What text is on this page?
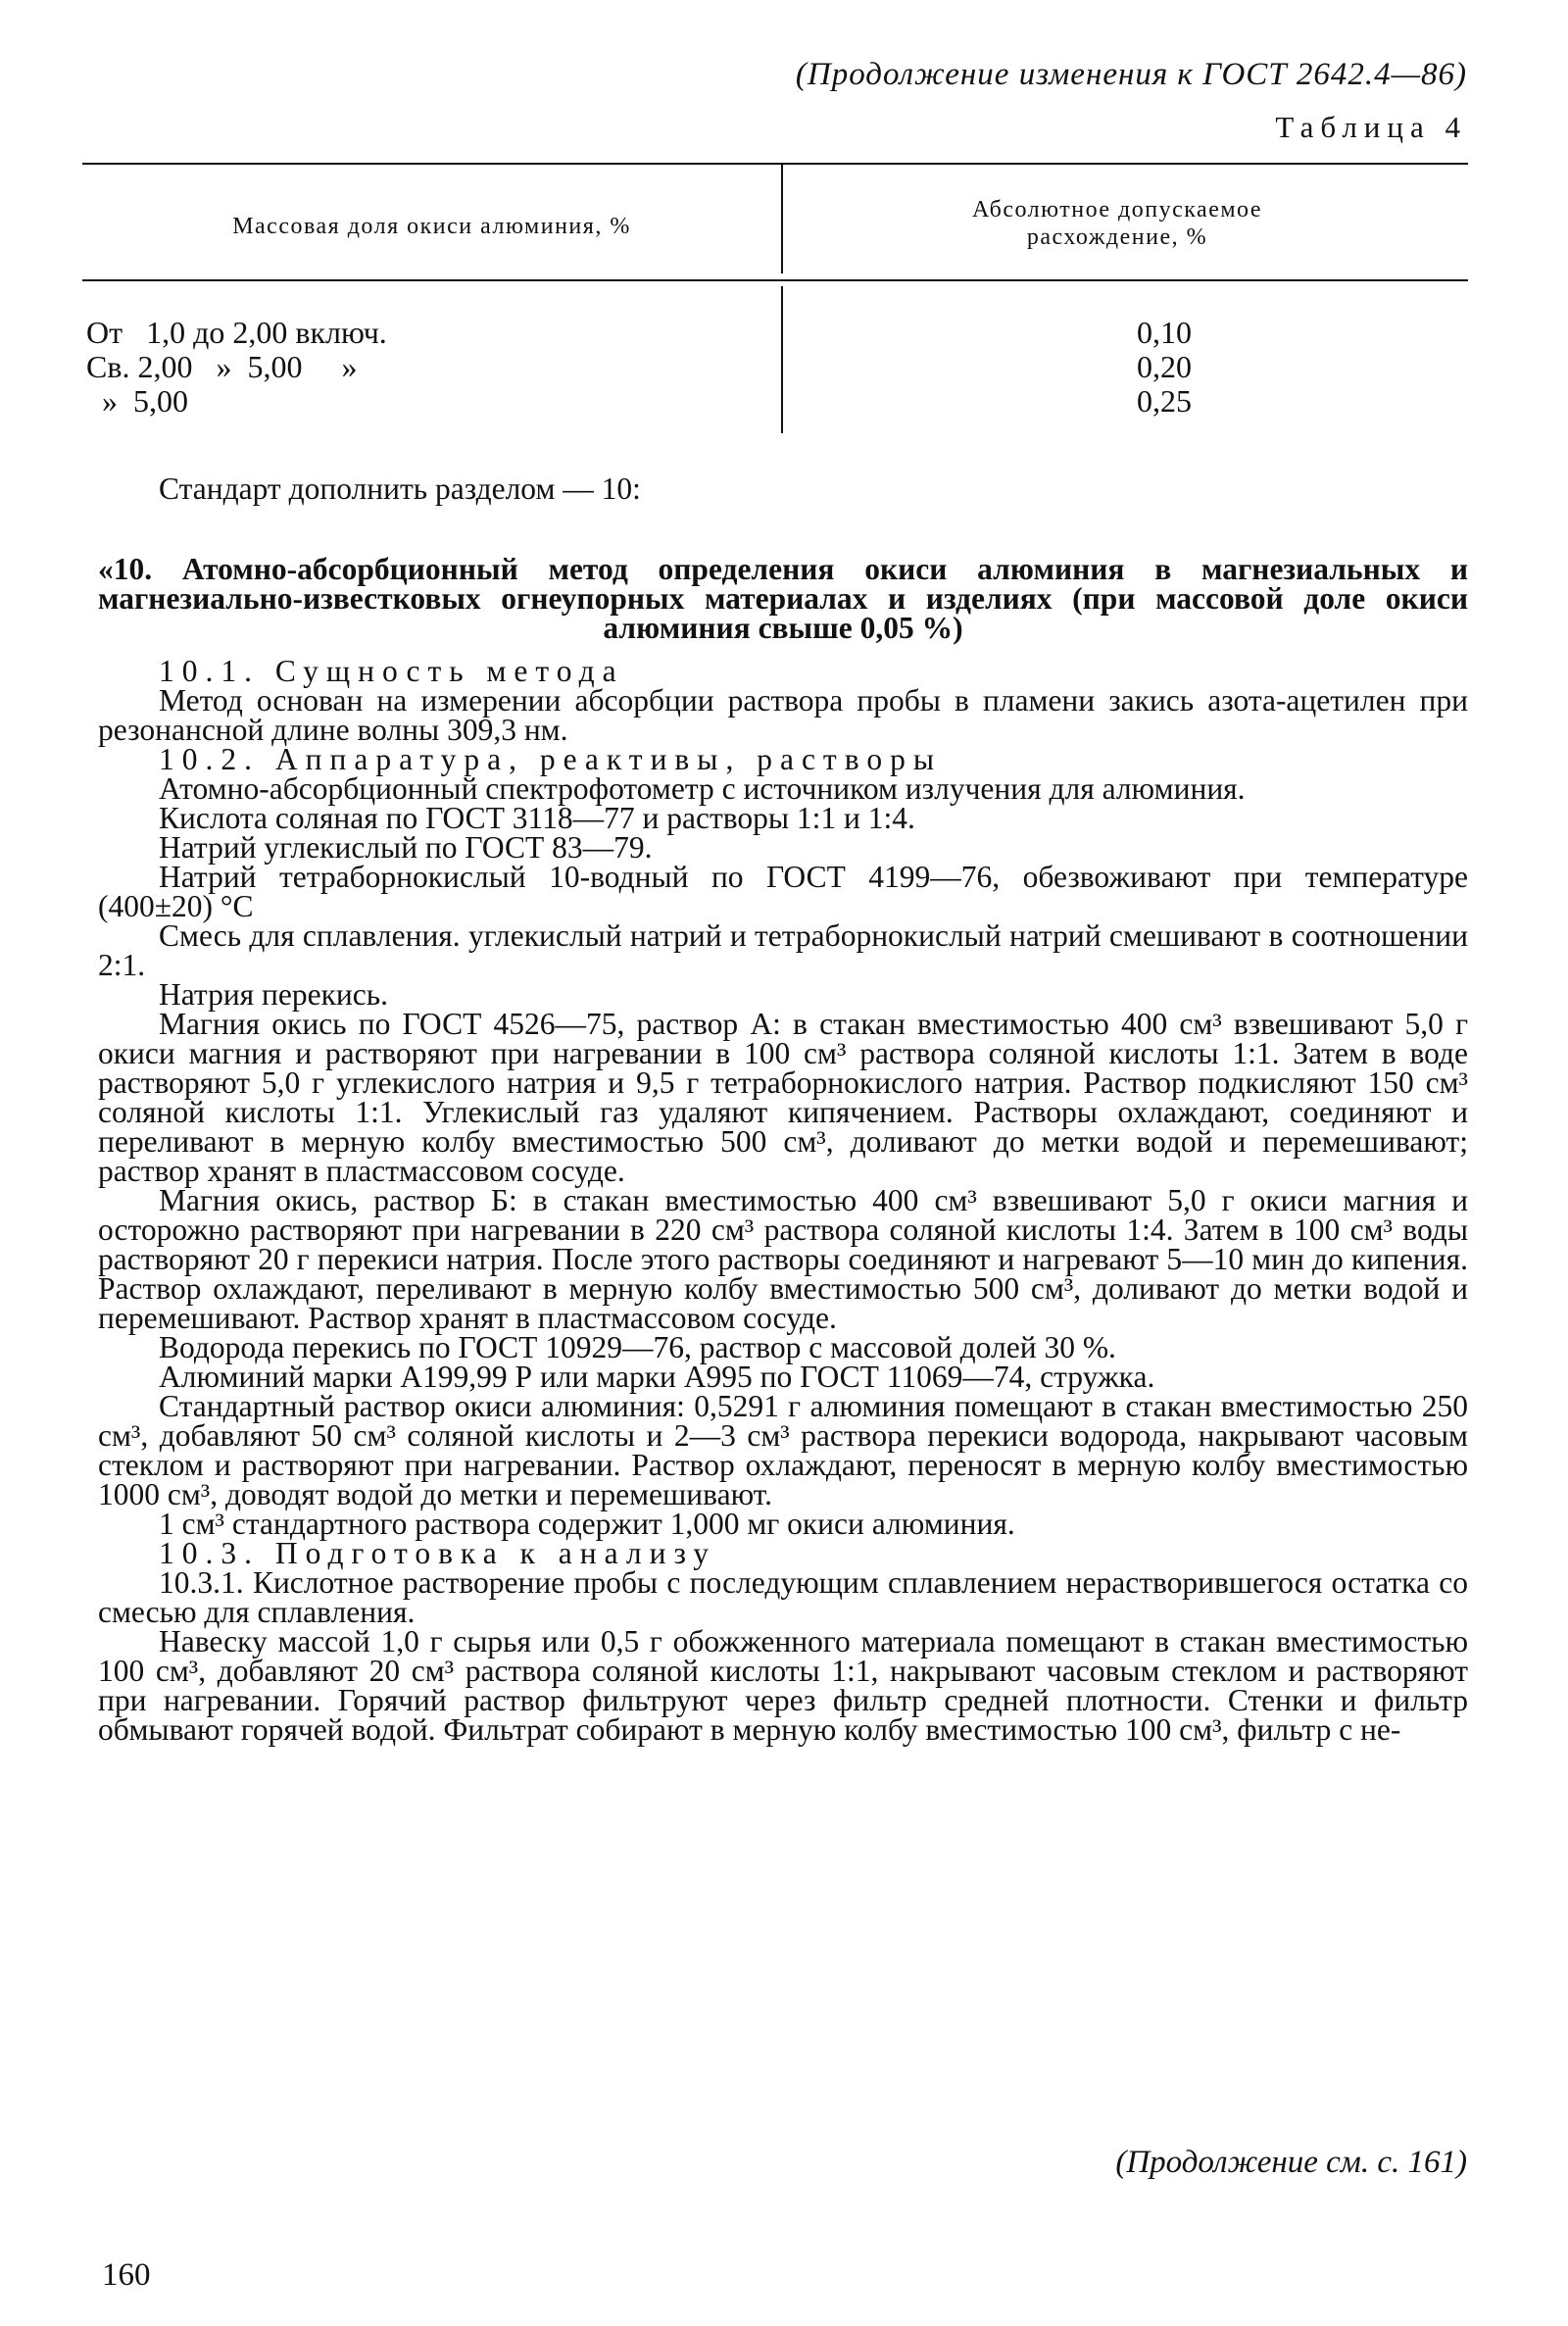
(Продолжение изменения к ГОСТ 2642.4—86)
Таблица 4
Массовая доля окиси алюминия, %
Абсолютное допускаемое расхождение, %
От   1,0 до 2,00 включ.	0,10
Св. 2,00   »  5,00     »	0,20
»  5,00	0,25

Стандарт дополнить разделом — 10:

«10. Атомно-абсорбционный метод определения окиси алюминия в магнезиальных и магнезиально-известковых огнеупорных материалах и изделиях (при массовой доле окиси алюминия свыше 0,05 %)

10.1. Сущность метода

Метод основан на измерении абсорбции раствора пробы в пламени закись азота-ацетилен при резонансной длине волны 309,3 нм.

10.2. Аппаратура, реактивы, растворы

Атомно-абсорбционный спектрофотометр с источником излучения для алюминия.

Кислота соляная по ГОСТ 3118—77 и растворы 1:1 и 1:4.

Натрий углекислый по ГОСТ 83—79.

Натрий тетраборнокислый 10-водный по ГОСТ 4199—76, обезвоживают при температуре (400±20) °С

Смесь для сплавления. углекислый натрий и тетраборнокислый натрий смешивают в соотношении 2:1.

Натрия перекись.

Магния окись по ГОСТ 4526—75, раствор А: в стакан вместимостью 400 см³ взвешивают 5,0 г окиси магния и растворяют при нагревании в 100 см³ раствора соляной кислоты 1:1. Затем в воде растворяют 5,0 г углекислого натрия и 9,5 г тетраборнокислого натрия. Раствор подкисляют 150 см³ соляной кислоты 1:1. Углекислый газ удаляют кипячением. Растворы охлаждают, соединяют и переливают в мерную колбу вместимостью 500 см³, доливают до метки водой и перемешивают; раствор хранят в пластмассовом сосуде.

Магния окись, раствор Б: в стакан вместимостью 400 см³ взвешивают 5,0 г окиси магния и осторожно растворяют при нагревании в 220 см³ раствора соляной кислоты 1:4. Затем в 100 см³ воды растворяют 20 г перекиси натрия. После этого растворы соединяют и нагревают 5—10 мин до кипения. Раствор охлаждают, переливают в мерную колбу вместимостью 500 см³, доливают до метки водой и перемешивают. Раствор хранят в пластмассовом сосуде.

Водорода перекись по ГОСТ 10929—76, раствор с массовой долей 30 %.

Алюминий марки А199,99 Р или марки А995 по ГОСТ 11069—74, стружка.

Стандартный раствор окиси алюминия: 0,5291 г алюминия помещают в стакан вместимостью 250 см³, добавляют 50 см³ соляной кислоты и 2—3 см³ раствора перекиси водорода, накрывают часовым стеклом и растворяют при нагревании. Раствор охлаждают, переносят в мерную колбу вместимостью 1000 см³, доводят водой до метки и перемешивают.

1 см³ стандартного раствора содержит 1,000 мг окиси алюминия.

10.3. Подготовка к анализу

10.3.1. Кислотное растворение пробы с последующим сплавлением нерастворившегося остатка со смесью для сплавления.

Навеску массой 1,0 г сырья или 0,5 г обожженного материала помещают в стакан вместимостью 100 см³, добавляют 20 см³ раствора соляной кислоты 1:1, накрывают часовым стеклом и растворяют при нагревании. Горячий раствор фильтруют через фильтр средней плотности. Стенки и фильтр обмывают горячей водой. Фильтрат собирают в мерную колбу вместимостью 100 см³, фильтр с не-

(Продолжение см. с. 161)
160
